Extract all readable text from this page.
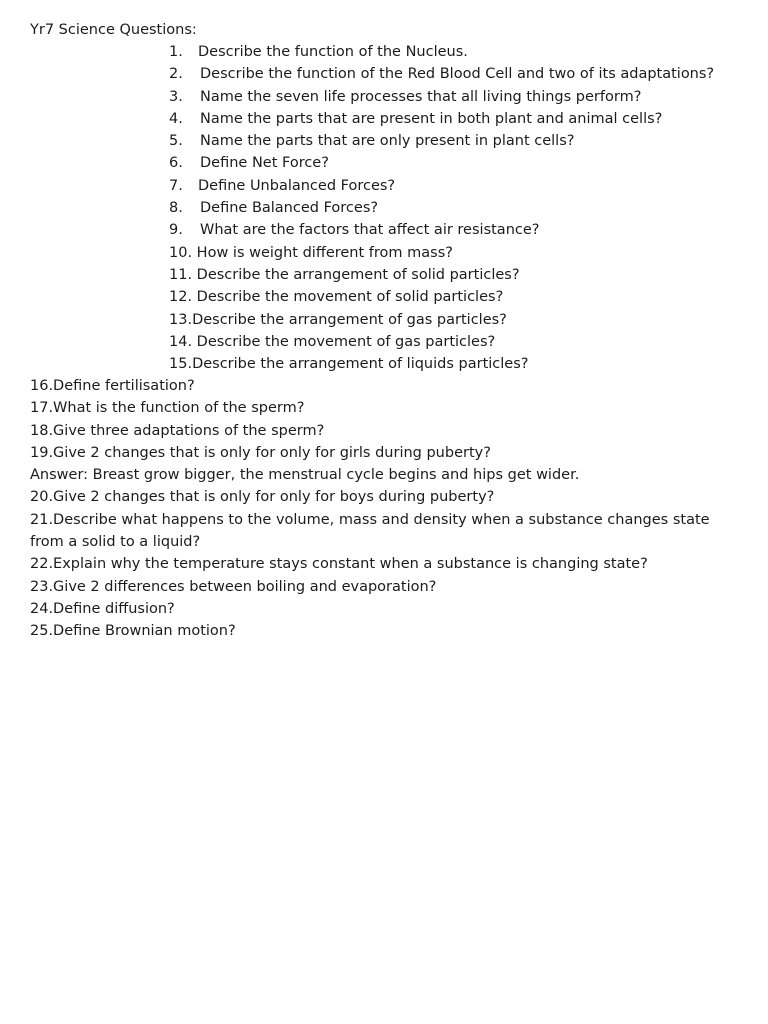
Yr7 Science Questions:
1. Describe the function of the Nucleus.
2. Describe the function of the Red Blood Cell and two of its adaptations?
3. Name the seven life processes that all living things perform?
4. Name the parts that are present in both plant and animal cells?
5. Name the parts that are only present in plant cells?
6. Define Net Force?
7. Define Unbalanced Forces?
8. Define Balanced Forces?
9. What are the factors that affect air resistance?
10. How is weight different from mass?
11. Describe the arrangement of solid particles?
12. Describe the movement of solid particles?
13.Describe the arrangement of gas particles?
14. Describe the movement of gas particles?
15.Describe the arrangement of liquids particles?
16.Define fertilisation?
17.What is the function of the sperm?
18.Give three adaptations of the sperm?
19.Give 2 changes that is only for only for girls during puberty?
Answer: Breast grow bigger, the menstrual cycle begins and hips get wider.
20.Give 2 changes that is only for only for boys during puberty?
21.Describe what happens to the volume, mass and density when a substance changes state from a solid to a liquid?
22.Explain why the temperature stays constant when a substance is changing state?
23.Give 2 differences between boiling and evaporation?
24.Define diffusion?
25.Define Brownian motion?
